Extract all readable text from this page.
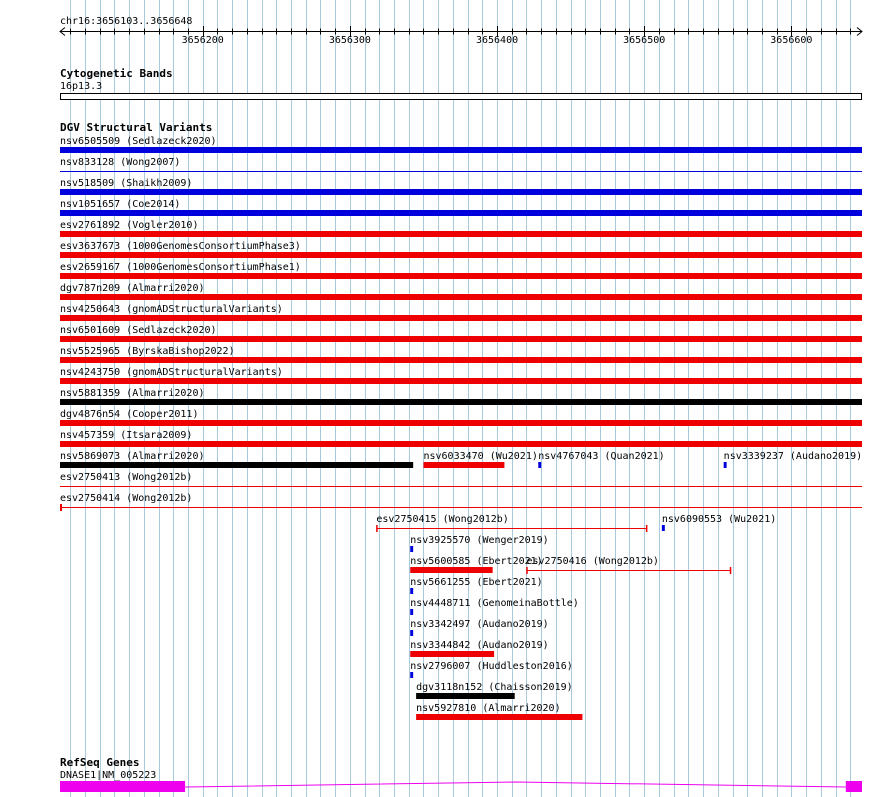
chr16:3656103..3656648
3656200	3656300	3656400	3656500	3656600
Cytogenetic Bands
16p13.3
DGV Structural Variants
nsv6505509 (Sedlazeck2020)
nsv833128 (Wong2007)
nsv518509 (Shaikh2009)
nsv1051657 (Coe2014)
esv2761892 (Vogler2010)
esv3637673 (1000GenomesConsortiumPhase3)
esv2659167 (1000GenomesConsortiumPhase1)
dgv787n209 (Almarri2020)
nsv4250643 (gnomADStructuralVariants)
nsv6501609 (Sedlazeck2020)
nsv5525965 (ByrskaBishop2022)
nsv4243750 (gnomADStructuralVariants)
nsv5881359 (Almarri2020)
dgv4876n54 (Cooper2011)
nsv457359 (Itsara2009)
nsv5869073 (Almarri2020)	nsv6033470 (Wu2021) nsv4767043 (Quan2021)	nsv3339237 (Audano2019)
esv2750413 (Wong2012b)
esv2750414 (Wong2012b)
esv2750415 (Wong2012b)	nsv6090553 (Wu2021)
nsv3925570 (Wenger2019)
nsv5600585 (Ebert2021)
esv2750416 (Wong2012b)
nsv5661255 (Ebert2021)
nsv4448711 (GenomeinaBottle)
nsv3342497 (Audano2019)
nsv3344842 (Audano2019)
nsv2796007 (Huddleston2016)
dgv3118n152 (Chaisson2019)
nsv5927810 (Almarri2020)
RefSeq Genes
DNASE1|NM_005223
